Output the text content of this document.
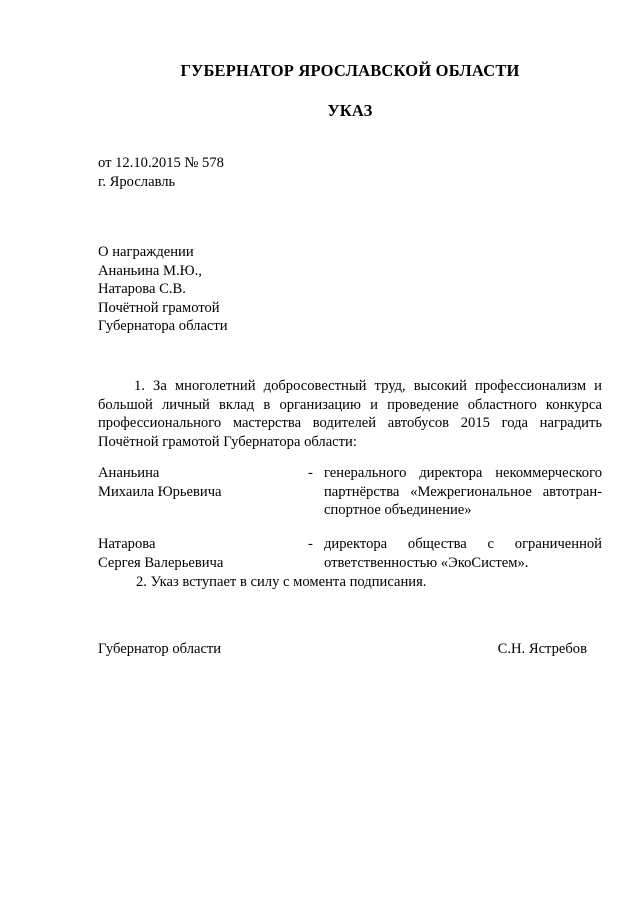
ГУБЕРНАТОР ЯРОСЛАВСКОЙ ОБЛАСТИ
УКАЗ
от 12.10.2015 № 578
г. Ярославль
О награждении
Ананьина М.Ю.,
Натарова С.В.
Почётной грамотой
Губернатора области
1. За многолетний добросовестный труд, высокий профессионализм и большой личный вклад в организацию и проведение областного конкурса профессионального мастерства водителей автобусов 2015 года наградить Почётной грамотой Губернатора области:
Ананьина
Михаила Юрьевича
- генерального директора некоммерческого
партнёрства «Межрегиональное автотран-
спортное объединение»
Натарова
Сергея Валерьевича
- директора общества с ограниченной
ответственностью «ЭкоСистем».
2. Указ вступает в силу с момента подписания.
Губернатор области	С.Н. Ястребов
